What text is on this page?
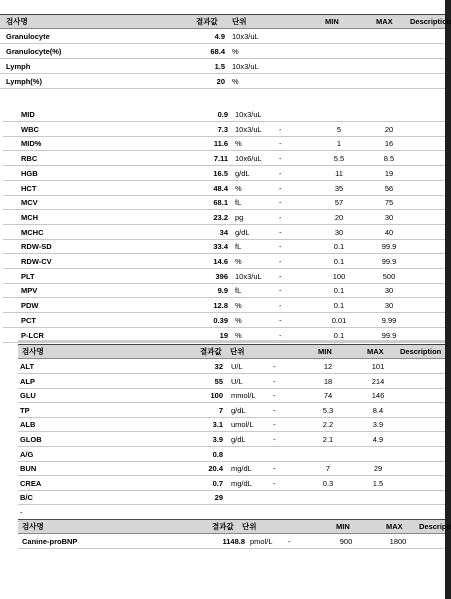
검사명	결과값 단위	MIN	MAX Description
Granulocyte	4.9 10x3/uL
Granulocyte(%)	68.4 %
Lymph	1.5 10x3/uL
Lymph(%)	20 %
MID	0.9 10x3/uL
WBC	7.3 10x3/uL -	5	20
MID%	11.6 %	-	1	16
RBC	7.11 10x6/uL -	5.5	8.5
HGB	16.5 g/dL	-	11	19
HCT	48.4 %	-	35	56
MCV	68.1 fL	-	57	75
MCH	23.2 pg	-	20	30
MCHC	34 g/dL	-	30	40
RDW-SD	33.4 fL	-	0.1	99.9
RDW-CV	14.6 %	-	0.1	99.9
PLT	396 10x3/uL -	100	500
MPV	9.9 fL	-	0.1	30
PDW	12.8 %	-	0.1	30
PCT	0.39 %	-	0.01	9.99
P-LCR	19 %	-	0.1	99.9
검사명	결과값 단위	MIN	MAX Description
ALT	32 U/L	-	12	101
ALP	55 U/L	-	18	214
GLU	100 mmol/L -	74	146
TP	7 g/dL	-	5.3	8.4
ALB	3.1 umol/L	-	2.2	3.9
GLOB	3.9 g/dL	-	2.1	4.9
A/G	0.8
BUN	20.4 mg/dL	-	7	29
CREA	0.7 mg/dL	-	0.3	1.5
B/C	29
-
검사명	결과값 단위	MIN	MAX Descripti
Canine-proBNP	1148.8 pmol/L -	900	1800
